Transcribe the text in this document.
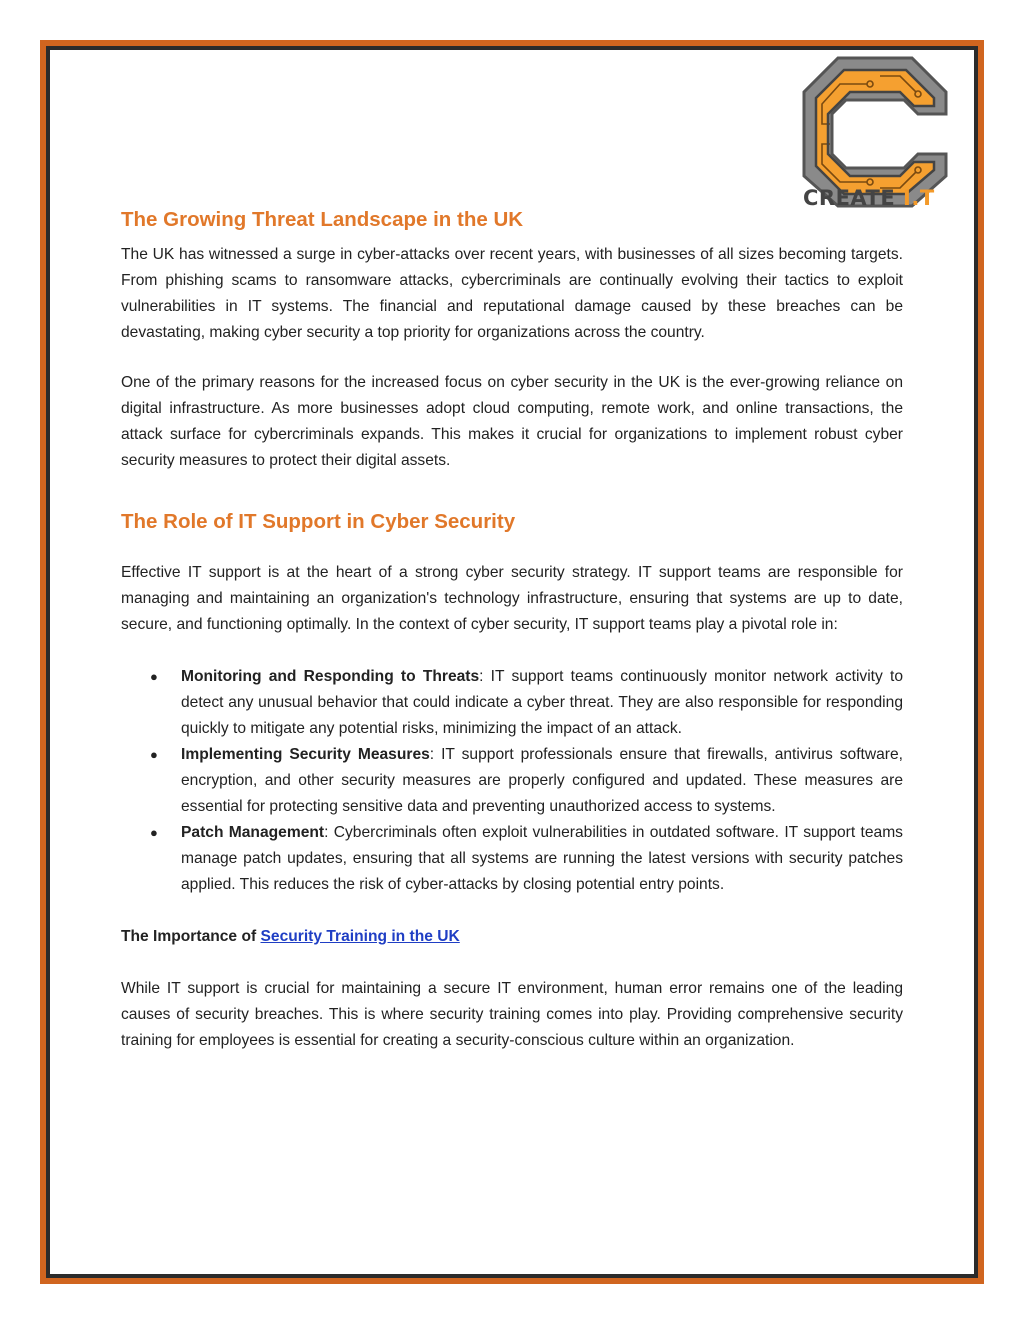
CREATE I.T
The Growing Threat Landscape in the UK

The UK has witnessed a surge in cyber-attacks over recent years, with businesses of all sizes becoming targets. From phishing scams to ransomware attacks, cybercriminals are continually evolving their tactics to exploit vulnerabilities in IT systems. The financial and reputational damage caused by these breaches can be devastating, making cyber security a top priority for organizations across the country.

One of the primary reasons for the increased focus on cyber security in the UK is the ever-growing reliance on digital infrastructure. As more businesses adopt cloud computing, remote work, and online transactions, the attack surface for cybercriminals expands. This makes it crucial for organizations to implement robust cyber security measures to protect their digital assets.

The Role of IT Support in Cyber Security

Effective IT support is at the heart of a strong cyber security strategy. IT support teams are responsible for managing and maintaining an organization's technology infrastructure, ensuring that systems are up to date, secure, and functioning optimally. In the context of cyber security, IT support teams play a pivotal role in:

● Monitoring and Responding to Threats: IT support teams continuously monitor network activity to detect any unusual behavior that could indicate a cyber threat. They are also responsible for responding quickly to mitigate any potential risks, minimizing the impact of an attack.
● Implementing Security Measures: IT support professionals ensure that firewalls, antivirus software, encryption, and other security measures are properly configured and updated. These measures are essential for protecting sensitive data and preventing unauthorized access to systems.
● Patch Management: Cybercriminals often exploit vulnerabilities in outdated software. IT support teams manage patch updates, ensuring that all systems are running the latest versions with security patches applied. This reduces the risk of cyber-attacks by closing potential entry points.

The Importance of Security Training in the UK

While IT support is crucial for maintaining a secure IT environment, human error remains one of the leading causes of security breaches. This is where security training comes into play. Providing comprehensive security training for employees is essential for creating a security-conscious culture within an organization.
